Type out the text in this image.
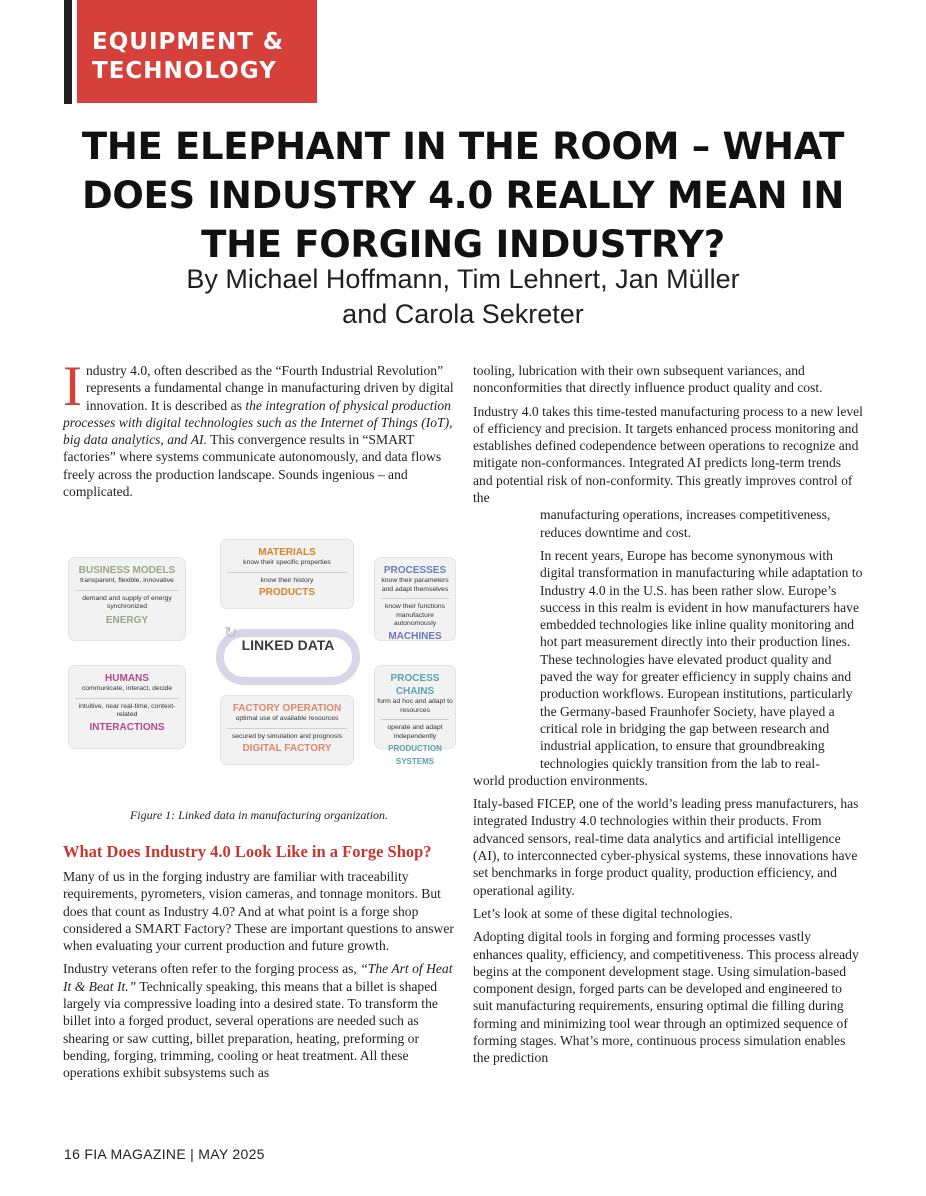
EQUIPMENT &
TECHNOLOGY
THE ELEPHANT IN THE ROOM – WHAT DOES INDUSTRY 4.0 REALLY MEAN IN THE FORGING INDUSTRY?
By Michael Hoffmann, Tim Lehnert, Jan Müller
and Carola Sekreter

Industry 4.0, often described as the “Fourth Industrial Revolution” represents a fundamental change in manufacturing driven by digital innovation. It is described as the integration of physical production processes with digital technologies such as the Internet of Things (IoT), big data analytics, and AI. This convergence results in “SMART factories” where systems communicate autonomously, and data flows freely across the production landscape. Sounds ingenious – and complicated.

BUSINESS MODELS
transparent, flexible, innovative
demand and supply of energy synchronized
ENERGY
MATERIALS
know their specific properties
know their history
PRODUCTS
PROCESSES
know their parameters and adapt themselves
know their functions manufacture autonomously
MACHINES
↻
LINKED DATA
HUMANS
communicate, interact, decide
intuitive, near real-time, context-related
INTERACTIONS
FACTORY OPERATION
optimal use of available resources
secured by simulation and prognosis
DIGITAL FACTORY
PROCESS CHAINS
form ad hoc and adapt to resources
operate and adapt independently
PRODUCTION SYSTEMS
Figure 1: Linked data in manufacturing organization.
What Does Industry 4.0 Look Like in a Forge Shop?

Many of us in the forging industry are familiar with traceability requirements, pyrometers, vision cameras, and tonnage monitors. But does that count as Industry 4.0? And at what point is a forge shop considered a SMART Factory? These are important questions to answer when evaluating your current production and future growth.

Industry veterans often refer to the forging process as, “The Art of Heat It & Beat It.” Technically speaking, this means that a billet is shaped largely via compressive loading into a desired state. To transform the billet into a forged product, several operations are needed such as shearing or saw cutting, billet preparation, heating, preforming or bending, forging, trimming, cooling or heat treatment. All these operations exhibit subsystems such as

tooling, lubrication with their own subsequent variances, and nonconformities that directly influence product quality and cost.

Industry 4.0 takes this time-tested manufacturing process to a new level of efficiency and precision. It targets enhanced process monitoring and establishes defined codependence between operations to recognize and mitigate non-conformances. Integrated AI predicts long-term trends and potential risk of non-conformity. This greatly improves control of the

manufacturing operations, increases competitiveness, reduces downtime and cost.

In recent years, Europe has become synonymous with digital transformation in manufacturing while adaptation to Industry 4.0 in the U.S. has been rather slow. Europe’s success in this realm is evident in how manufacturers have embedded technologies like inline quality monitoring and hot part measurement directly into their production lines. These technologies have elevated product quality and paved the way for greater efficiency in supply chains and production workflows. European institutions, particularly the Germany-based Fraunhofer Society, have played a critical role in bridging the gap between research and industrial application, to ensure that groundbreaking technologies quickly transition from the lab to real-

world production environments.

Italy-based FICEP, one of the world’s leading press manufacturers, has integrated Industry 4.0 technologies within their products. From advanced sensors, real-time data analytics and artificial intelligence (AI), to interconnected cyber-physical systems, these innovations have set benchmarks in forge product quality, production efficiency, and operational agility.

Let’s look at some of these digital technologies.

Adopting digital tools in forging and forming processes vastly enhances quality, efficiency, and competitiveness. This process already begins at the component development stage. Using simulation-based component design, forged parts can be developed and engineered to suit manufacturing requirements, ensuring optimal die filling during forming and minimizing tool wear through an optimized sequence of forming stages. What’s more, continuous process simulation enables the prediction

16 FIA MAGAZINE | MAY 2025
